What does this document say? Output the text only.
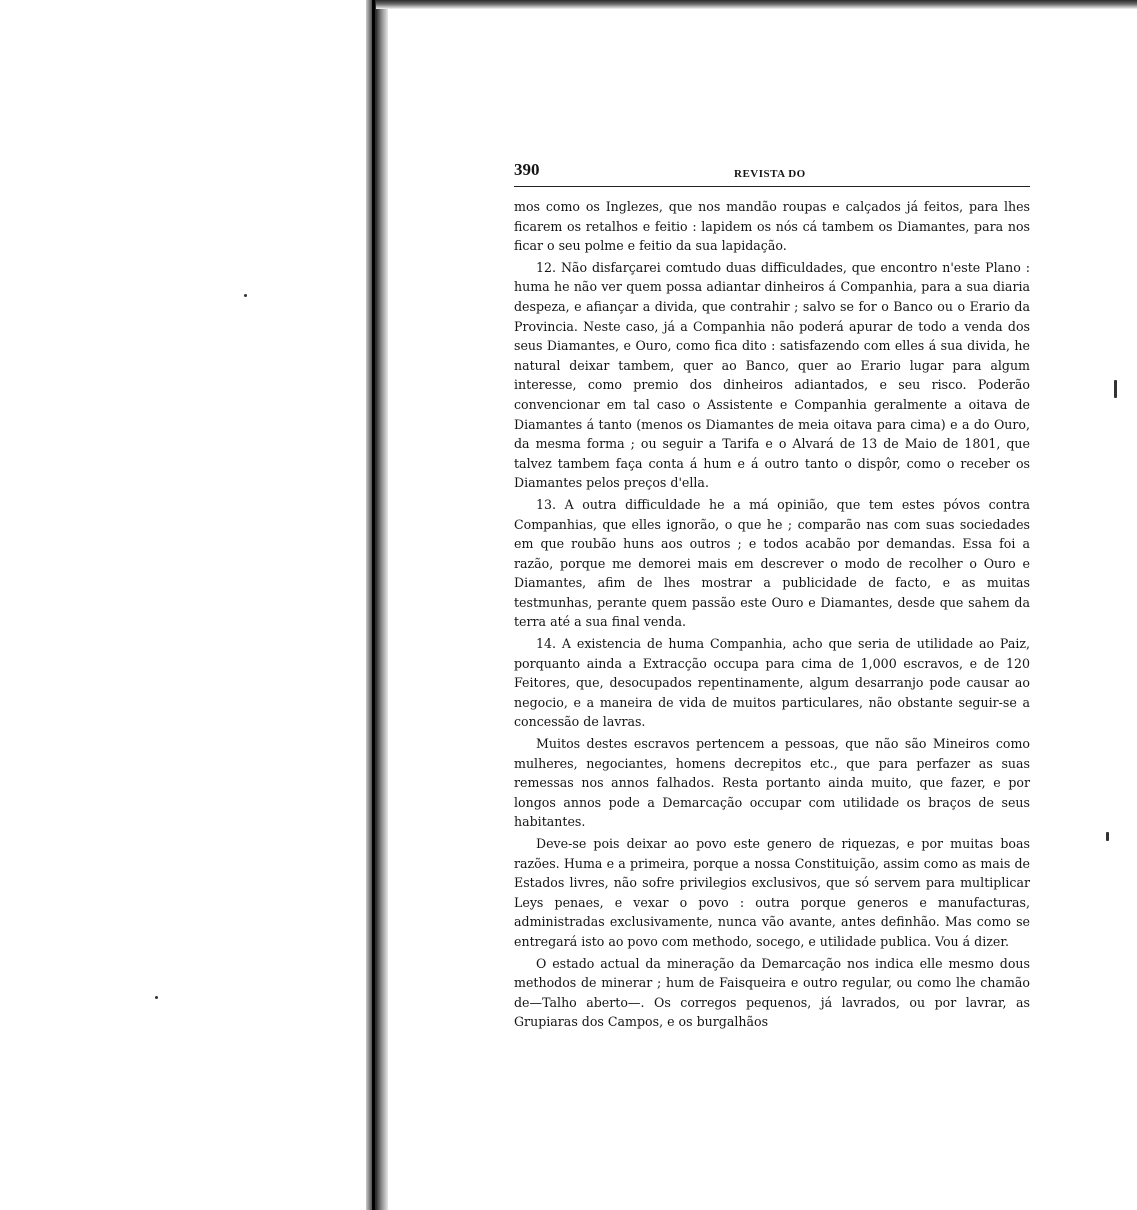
390	REVISTA DO

mos como os Inglezes, que nos mandão roupas e calçados já feitos, para lhes ficarem os retalhos e feitio : lapidem os nós cá tambem os Diamantes, para nos ficar o seu polme e feitio da sua lapidação.

12. Não disfarçarei comtudo duas difficuldades, que encontro n'este Plano : huma he não ver quem possa adiantar dinheiros á Companhia, para a sua diaria despeza, e afiançar a divida, que contrahir ; salvo se for o Banco ou o Erario da Provincia. Neste caso, já a Companhia não poderá apurar de todo a venda dos seus Diamantes, e Ouro, como fica dito : satisfazendo com elles á sua divida, he natural deixar tambem, quer ao Banco, quer ao Erario lugar para algum interesse, como premio dos dinheiros adiantados, e seu risco. Poderão convencionar em tal caso o Assistente e Companhia geralmente a oitava de Diamantes á tanto (menos os Diamantes de meia oitava para cima) e a do Ouro, da mesma forma ; ou seguir a Tarifa e o Alvará de 13 de Maio de 1801, que talvez tambem faça conta á hum e á outro tanto o dispôr, como o receber os Diamantes pelos preços d'ella.

13. A outra difficuldade he a má opinião, que tem estes póvos contra Companhias, que elles ignorão, o que he ; comparão nas com suas sociedades em que roubão huns aos outros ; e todos acabão por demandas. Essa foi a razão, porque me demorei mais em descrever o modo de recolher o Ouro e Diamantes, afim de lhes mostrar a publicidade de facto, e as muitas testmunhas, perante quem passão este Ouro e Diamantes, desde que sahem da terra até a sua final venda.

14. A existencia de huma Companhia, acho que seria de utilidade ao Paiz, porquanto ainda a Extracção occupa para cima de 1,000 escravos, e de 120 Feitores, que, desocupados repentinamente, algum desarranjo pode causar ao negocio, e a maneira de vida de muitos particulares, não obstante seguir-se a concessão de lavras.

Muitos destes escravos pertencem a pessoas, que não são Mineiros como mulheres, negociantes, homens decrepitos etc., que para perfazer as suas remessas nos annos falhados. Resta portanto ainda muito, que fazer, e por longos annos pode a Demarcação occupar com utilidade os braços de seus habitantes.

Deve-se pois deixar ao povo este genero de riquezas, e por muitas boas razões. Huma e a primeira, porque a nossa Constituição, assim como as mais de Estados livres, não sofre privilegios exclusivos, que só servem para multiplicar Leys penaes, e vexar o povo : outra porque generos e manufacturas, administradas exclusivamente, nunca vão avante, antes definhão. Mas como se entregará isto ao povo com methodo, socego, e utilidade publica. Vou á dizer.

O estado actual da mineração da Demarcação nos indica elle mesmo dous methodos de minerar ; hum de Faisqueira e outro regular, ou como lhe chamão de—Talho aberto—. Os corregos pequenos, já lavrados, ou por lavrar, as Grupiaras dos Campos, e os burgalhãos
